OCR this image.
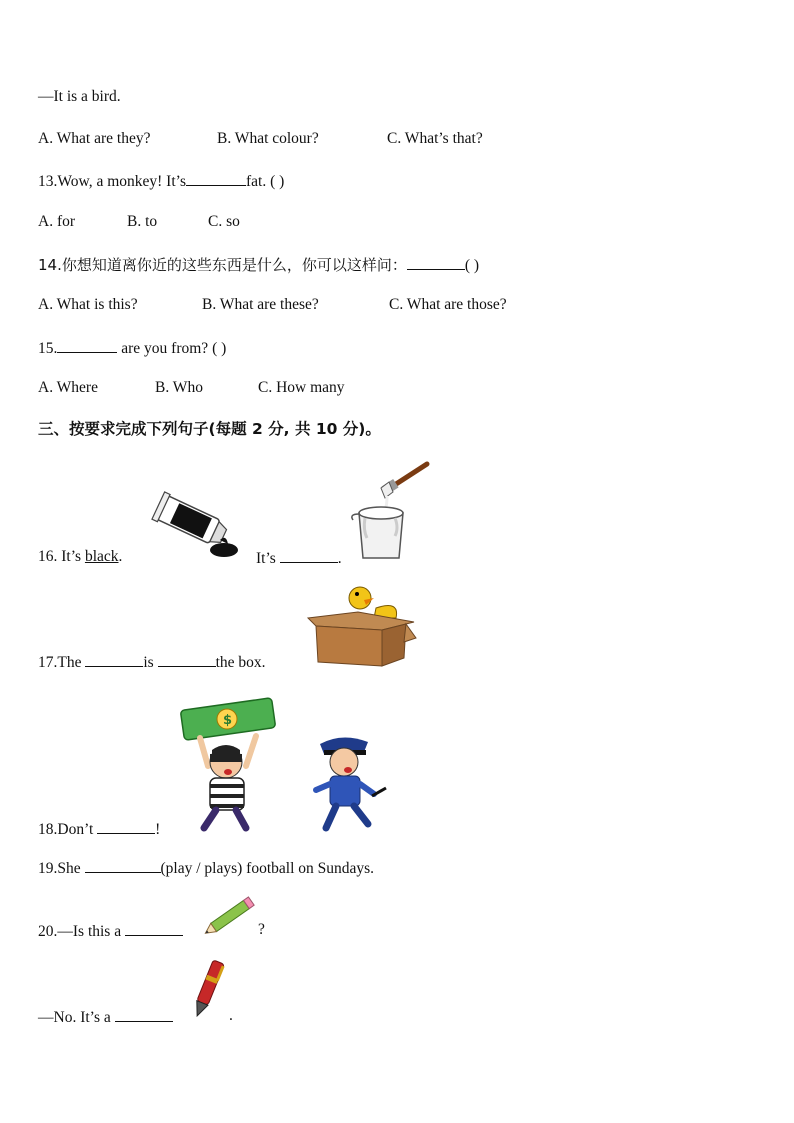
—It is a bird.
A. What are they?	B. What colour?	C. What’s that?
13.Wow, a monkey! It’s	fat. ( )
A. for	B. to	C. so
14.你想知道离你近的这些东西是什么，你可以这样问：	( )
A. What is this?	B. What are these?	C. What are those?
15.	are you from? ( )
A. Where	B. Who	C. How many
三、按要求完成下列句子(每题 2 分, 共 10 分)。
16. It’s black.	It’s	.
17.The	is	the box.
$
18.Don’t	!
19.She	(play / plays) football on Sundays.
20.—Is this a	?
—No. It’s a	.
